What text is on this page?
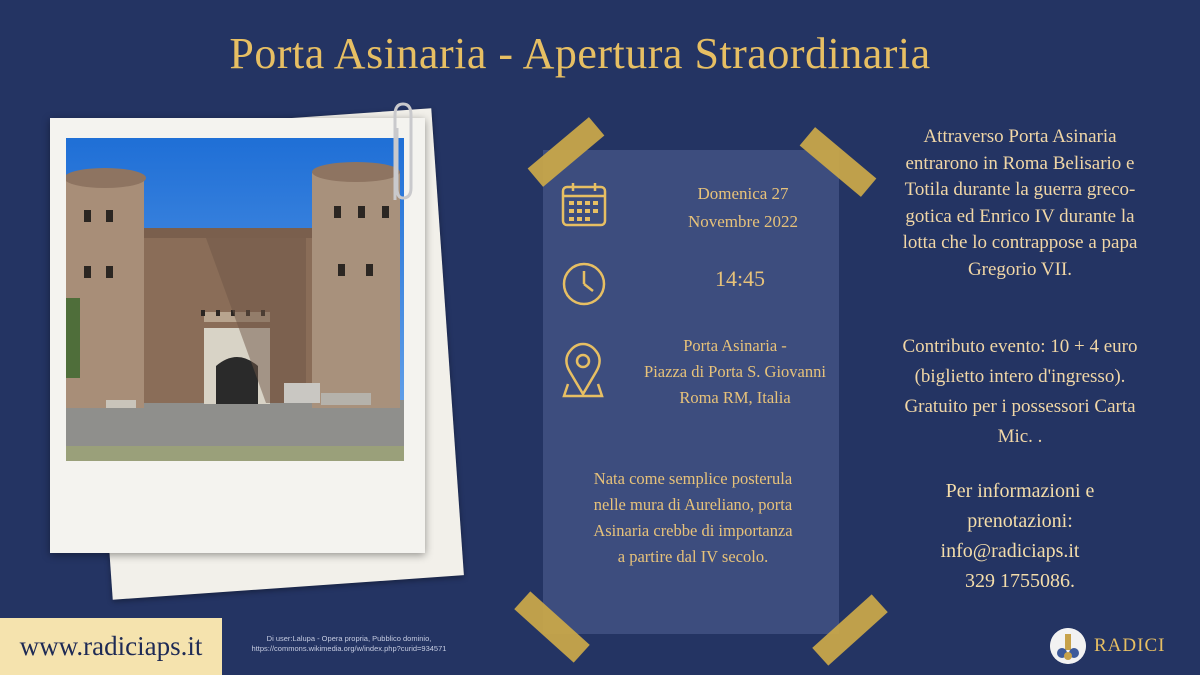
Porta Asinaria - Apertura Straordinaria
Domenica 27
Novembre 2022
14:45
Porta Asinaria -
Piazza di Porta S. Giovanni
Roma RM, Italia
Nata come semplice posterula
nelle mura di Aureliano, porta
Asinaria crebbe di importanza
a partire dal IV secolo.
Attraverso Porta Asinaria
entrarono in Roma Belisario e
Totila durante la guerra greco-
gotica ed Enrico IV durante la
lotta che lo contrappose a papa
Gregorio VII.
Contributo evento: 10 + 4 euro
(biglietto intero d'ingresso).
Gratuito per i possessori Carta
Mic. .
Per informazioni e
prenotazioni:
info@radiciaps.it
329 1755086.
www.radiciaps.it	Di user:Lalupa - Opera propria, Pubblico dominio,
https://commons.wikimedia.org/w/index.php?curid=934571	RADICI
